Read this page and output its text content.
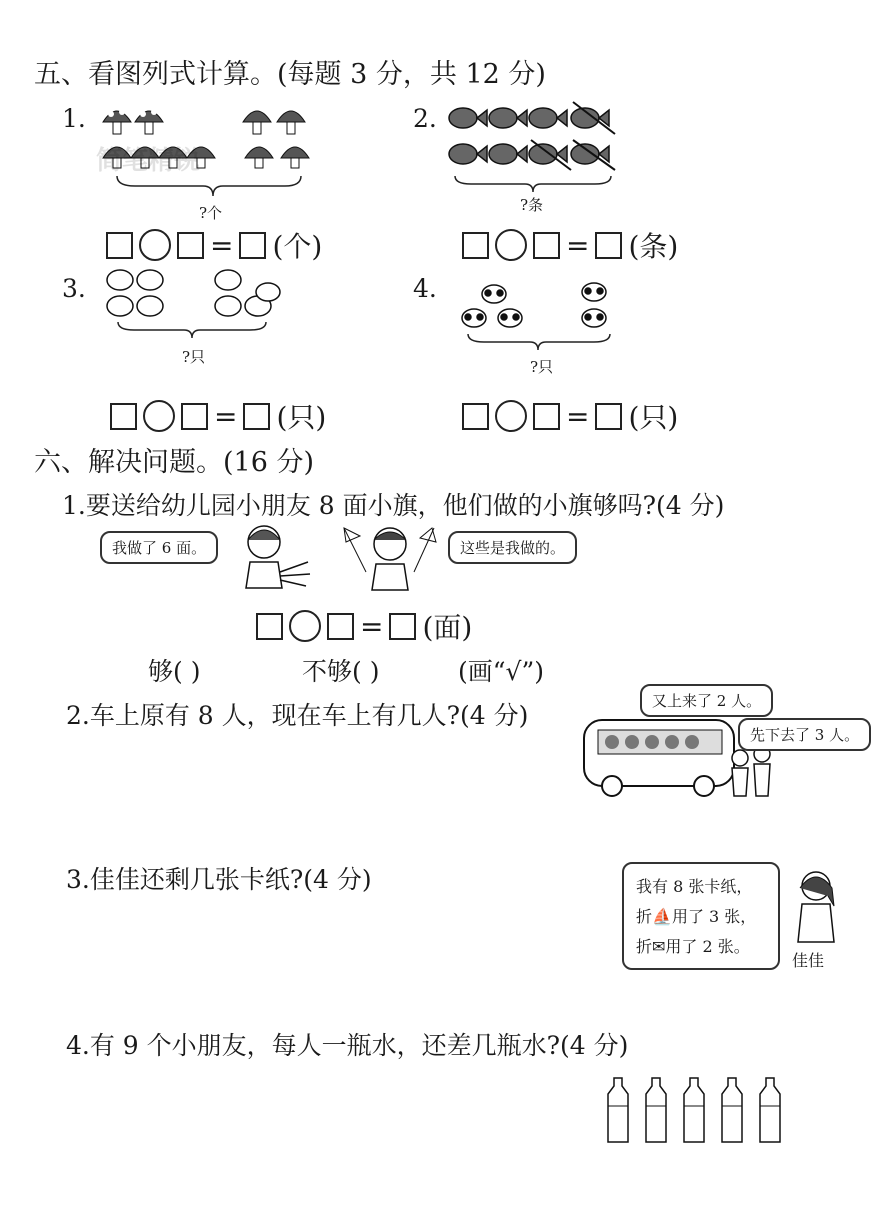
五、看图列式计算。(每题 3 分，共 12 分)
1.
?个
= (个)
2.
?条
= (条)
3.
?只
= (只)
4.
?只
= (只)
六、解决问题。(16 分)
1.要送给幼儿园小朋友 8 面小旗，他们做的小旗够吗?(4 分)
我做了 6 面。	这些是我做的。
= (面)
够( )	不够( )	(画“√”)
2.车上原有 8 人，现在车上有几人?(4 分)	又上来了 2 人。
先下去了 3 人。
3.佳佳还剩几张卡纸?(4 分)	我有 8 张卡纸，
折⛵用了 3 张，
折✉用了 2 张。
佳佳
4.有 9 个小朋友，每人一瓶水，还差几瓶水?(4 分)
简笔精锐
